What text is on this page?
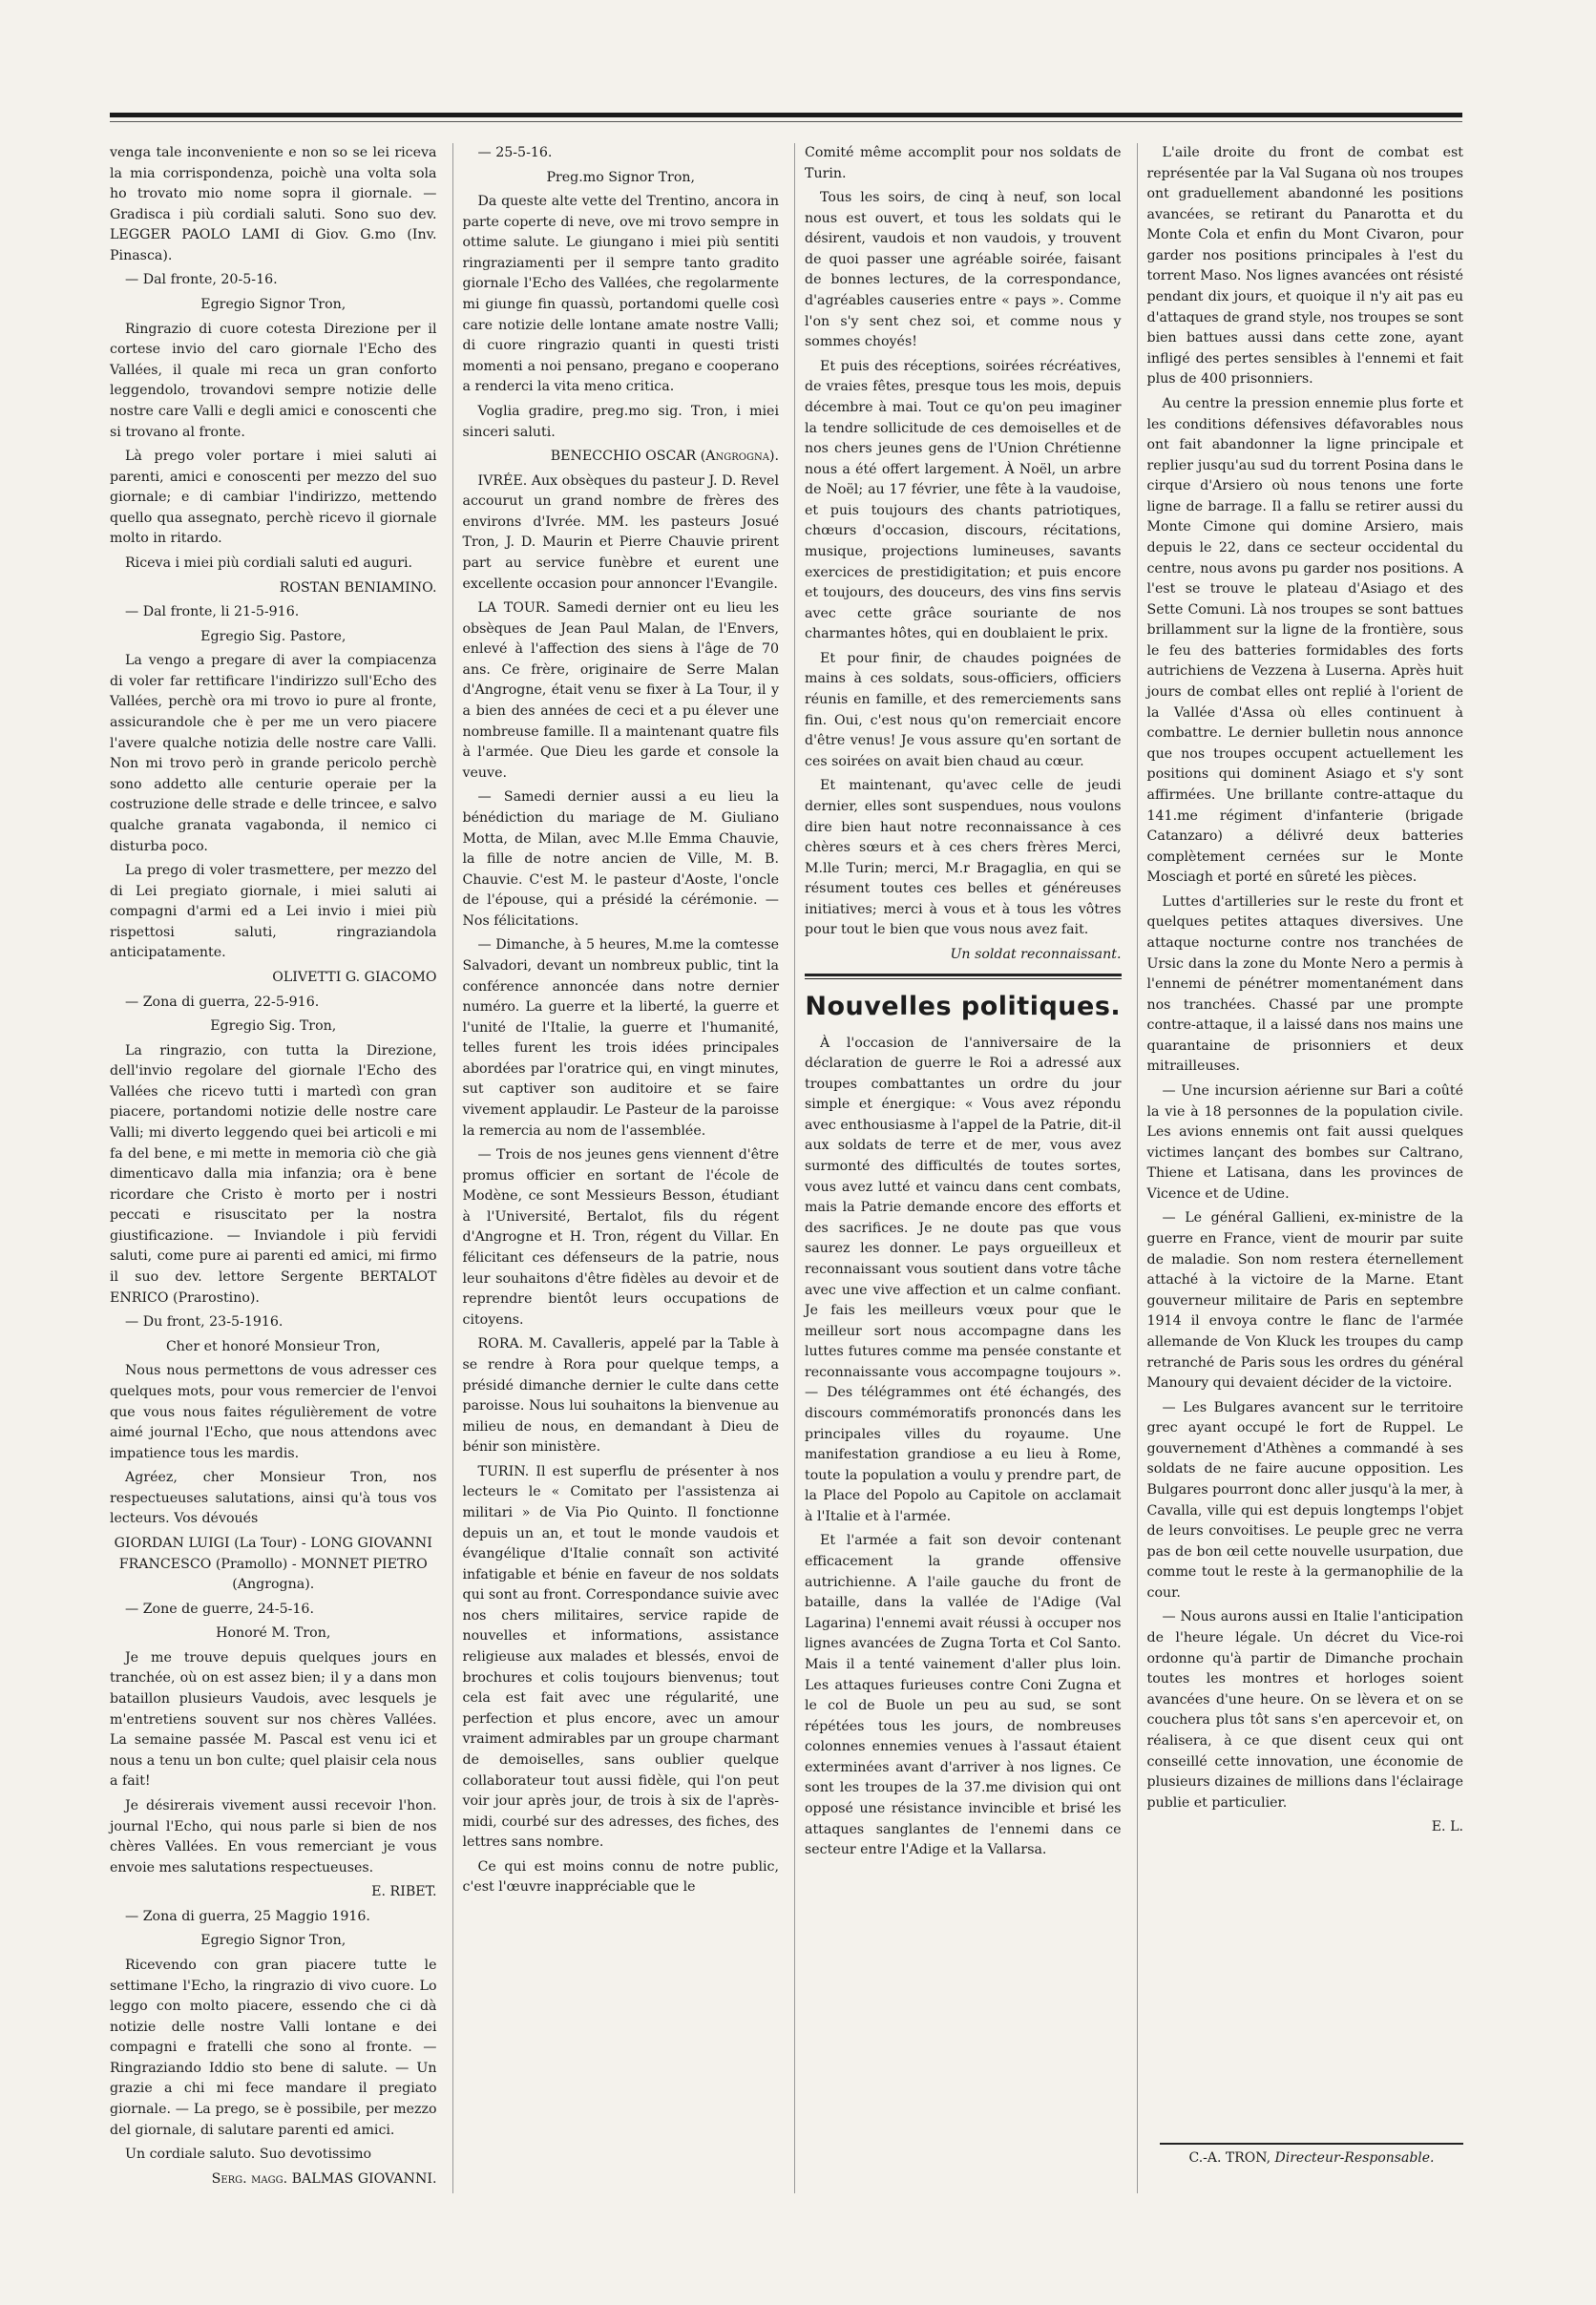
venga tale inconveniente e non so se lei riceva la mia corrispondenza, poichè una volta sola ho trovato mio nome sopra il giornale. — Gradisca i più cordiali saluti. Sono suo dev. LEGGER PAOLO LAMI di Giov. G.mo (Inv. Pinasca).

— Dal fronte, 20-5-16.

Egregio Signor Tron,

Ringrazio di cuore cotesta Direzione per il cortese invio del caro giornale l'Echo des Vallées, il quale mi reca un gran conforto leggendolo, trovandovi sempre notizie delle nostre care Valli e degli amici e conoscenti che si trovano al fronte.

Là prego voler portare i miei saluti ai parenti, amici e conoscenti per mezzo del suo giornale; e di cambiar l'indirizzo, mettendo quello qua assegnato, perchè ricevo il giornale molto in ritardo.

Riceva i miei più cordiali saluti ed auguri.

ROSTAN BENIAMINO.

— Dal fronte, li 21-5-916.

Egregio Sig. Pastore,

La vengo a pregare di aver la compiacenza di voler far rettificare l'indirizzo sull'Echo des Vallées, perchè ora mi trovo io pure al fronte, assicurandole che è per me un vero piacere l'avere qualche notizia delle nostre care Valli. Non mi trovo però in grande pericolo perchè sono addetto alle centurie operaie per la costruzione delle strade e delle trincee, e salvo qualche granata vagabonda, il nemico ci disturba poco.

La prego di voler trasmettere, per mezzo del di Lei pregiato giornale, i miei saluti ai compagni d'armi ed a Lei invio i miei più rispettosi saluti, ringraziandola anticipatamente.

OLIVETTI G. GIACOMO

— Zona di guerra, 22-5-916.

Egregio Sig. Tron,

La ringrazio, con tutta la Direzione, dell'invio regolare del giornale l'Echo des Vallées che ricevo tutti i martedì con gran piacere, portandomi notizie delle nostre care Valli; mi diverto leggendo quei bei articoli e mi fa del bene, e mi mette in memoria ciò che già dimenticavo dalla mia infanzia; ora è bene ricordare che Cristo è morto per i nostri peccati e risuscitato per la nostra giustificazione. — Inviandole i più fervidi saluti, come pure ai parenti ed amici, mi firmo il suo dev. lettore Sergente BERTALOT ENRICO (Prarostino).

— Du front, 23-5-1916.

Cher et honoré Monsieur Tron,

Nous nous permettons de vous adresser ces quelques mots, pour vous remercier de l'envoi que vous nous faites régulièrement de votre aimé journal l'Echo, que nous attendons avec impatience tous les mardis.

Agréez, cher Monsieur Tron, nos respectueuses salutations, ainsi qu'à tous vos lecteurs. Vos dévoués

GIORDAN LUIGI (La Tour) - LONG GIOVANNI FRANCESCO (Pramollo) - MONNET PIETRO (Angrogna).

— Zone de guerre, 24-5-16.

Honoré M. Tron,

Je me trouve depuis quelques jours en tranchée, où on est assez bien; il y a dans mon bataillon plusieurs Vaudois, avec lesquels je m'entretiens souvent sur nos chères Vallées. La semaine passée M. Pascal est venu ici et nous a tenu un bon culte; quel plaisir cela nous a fait!

Je désirerais vivement aussi recevoir l'hon. journal l'Echo, qui nous parle si bien de nos chères Vallées. En vous remerciant je vous envoie mes salutations respectueuses.

E. RIBET.

— Zona di guerra, 25 Maggio 1916.

Egregio Signor Tron,

Ricevendo con gran piacere tutte le settimane l'Echo, la ringrazio di vivo cuore. Lo leggo con molto piacere, essendo che ci dà notizie delle nostre Valli lontane e dei compagni e fratelli che sono al fronte. — Ringraziando Iddio sto bene di salute. — Un grazie a chi mi fece mandare il pregiato giornale. — La prego, se è possibile, per mezzo del giornale, di salutare parenti ed amici.

Un cordiale saluto. Suo devotissimo

Serg. magg. BALMAS GIOVANNI.

— 25-5-16.

Preg.mo Signor Tron,

Da queste alte vette del Trentino, ancora in parte coperte di neve, ove mi trovo sempre in ottime salute. Le giungano i miei più sentiti ringraziamenti per il sempre tanto gradito giornale l'Echo des Vallées, che regolarmente mi giunge fin quassù, portandomi quelle così care notizie delle lontane amate nostre Valli; di cuore ringrazio quanti in questi tristi momenti a noi pensano, pregano e cooperano a renderci la vita meno critica.

Voglia gradire, preg.mo sig. Tron, i miei sinceri saluti.

BENECCHIO OSCAR (Angrogna).

IVRÉE. Aux obsèques du pasteur J. D. Revel accourut un grand nombre de frères des environs d'Ivrée. MM. les pasteurs Josué Tron, J. D. Maurin et Pierre Chauvie prirent part au service funèbre et eurent une excellente occasion pour annoncer l'Evangile.

LA TOUR. Samedi dernier ont eu lieu les obsèques de Jean Paul Malan, de l'Envers, enlevé à l'affection des siens à l'âge de 70 ans. Ce frère, originaire de Serre Malan d'Angrogne, était venu se fixer à La Tour, il y a bien des années de ceci et a pu élever une nombreuse famille. Il a maintenant quatre fils à l'armée. Que Dieu les garde et console la veuve.

— Samedi dernier aussi a eu lieu la bénédiction du mariage de M. Giuliano Motta, de Milan, avec M.lle Emma Chauvie, la fille de notre ancien de Ville, M. B. Chauvie. C'est M. le pasteur d'Aoste, l'oncle de l'épouse, qui a présidé la cérémonie. — Nos félicitations.

— Dimanche, à 5 heures, M.me la comtesse Salvadori, devant un nombreux public, tint la conférence annoncée dans notre dernier numéro. La guerre et la liberté, la guerre et l'unité de l'Italie, la guerre et l'humanité, telles furent les trois idées principales abordées par l'oratrice qui, en vingt minutes, sut captiver son auditoire et se faire vivement applaudir. Le Pasteur de la paroisse la remercia au nom de l'assemblée.

— Trois de nos jeunes gens viennent d'être promus officier en sortant de l'école de Modène, ce sont Messieurs Besson, étudiant à l'Université, Bertalot, fils du régent d'Angrogne et H. Tron, régent du Villar. En félicitant ces défenseurs de la patrie, nous leur souhaitons d'être fidèles au devoir et de reprendre bientôt leurs occupations de citoyens.

RORA. M. Cavalleris, appelé par la Table à se rendre à Rora pour quelque temps, a présidé dimanche dernier le culte dans cette paroisse. Nous lui souhaitons la bienvenue au milieu de nous, en demandant à Dieu de bénir son ministère.

TURIN. Il est superflu de présenter à nos lecteurs le « Comitato per l'assistenza ai militari » de Via Pio Quinto. Il fonctionne depuis un an, et tout le monde vaudois et évangélique d'Italie connaît son activité infatigable et bénie en faveur de nos soldats qui sont au front. Correspondance suivie avec nos chers militaires, service rapide de nouvelles et informations, assistance religieuse aux malades et blessés, envoi de brochures et colis toujours bienvenus; tout cela est fait avec une régularité, une perfection et plus encore, avec un amour vraiment admirables par un groupe charmant de demoiselles, sans oublier quelque collaborateur tout aussi fidèle, qui l'on peut voir jour après jour, de trois à six de l'après-midi, courbé sur des adresses, des fiches, des lettres sans nombre.

Ce qui est moins connu de notre public, c'est l'œuvre inappréciable que le

Comité même accomplit pour nos soldats de Turin.

Tous les soirs, de cinq à neuf, son local nous est ouvert, et tous les soldats qui le désirent, vaudois et non vaudois, y trouvent de quoi passer une agréable soirée, faisant de bonnes lectures, de la correspondance, d'agréables causeries entre « pays ». Comme l'on s'y sent chez soi, et comme nous y sommes choyés!

Et puis des réceptions, soirées récréatives, de vraies fêtes, presque tous les mois, depuis décembre à mai. Tout ce qu'on peu imaginer la tendre sollicitude de ces demoiselles et de nos chers jeunes gens de l'Union Chrétienne nous a été offert largement. À Noël, un arbre de Noël; au 17 février, une fête à la vaudoise, et puis toujours des chants patriotiques, chœurs d'occasion, discours, récitations, musique, projections lumineuses, savants exercices de prestidigitation; et puis encore et toujours, des douceurs, des vins fins servis avec cette grâce souriante de nos charmantes hôtes, qui en doublaient le prix.

Et pour finir, de chaudes poignées de mains à ces soldats, sous-officiers, officiers réunis en famille, et des remerciements sans fin. Oui, c'est nous qu'on remerciait encore d'être venus! Je vous assure qu'en sortant de ces soirées on avait bien chaud au cœur.

Et maintenant, qu'avec celle de jeudi dernier, elles sont suspendues, nous voulons dire bien haut notre reconnaissance à ces chères sœurs et à ces chers frères Merci, M.lle Turin; merci, M.r Bragaglia, en qui se résument toutes ces belles et généreuses initiatives; merci à vous et à tous les vôtres pour tout le bien que vous nous avez fait.

Un soldat reconnaissant.

Nouvelles politiques.

À l'occasion de l'anniversaire de la déclaration de guerre le Roi a adressé aux troupes combattantes un ordre du jour simple et énergique: « Vous avez répondu avec enthousiasme à l'appel de la Patrie, dit-il aux soldats de terre et de mer, vous avez surmonté des difficultés de toutes sortes, vous avez lutté et vaincu dans cent combats, mais la Patrie demande encore des efforts et des sacrifices. Je ne doute pas que vous saurez les donner. Le pays orgueilleux et reconnaissant vous soutient dans votre tâche avec une vive affection et un calme confiant. Je fais les meilleurs vœux pour que le meilleur sort nous accompagne dans les luttes futures comme ma pensée constante et reconnaissante vous accompagne toujours ». — Des télégrammes ont été échangés, des discours commémoratifs prononcés dans les principales villes du royaume. Une manifestation grandiose a eu lieu à Rome, toute la population a voulu y prendre part, de la Place del Popolo au Capitole on acclamait à l'Italie et à l'armée.

Et l'armée a fait son devoir contenant efficacement la grande offensive autrichienne. A l'aile gauche du front de bataille, dans la vallée de l'Adige (Val Lagarina) l'ennemi avait réussi à occuper nos lignes avancées de Zugna Torta et Col Santo. Mais il a tenté vainement d'aller plus loin. Les attaques furieuses contre Coni Zugna et le col de Buole un peu au sud, se sont répétées tous les jours, de nombreuses colonnes ennemies venues à l'assaut étaient exterminées avant d'arriver à nos lignes. Ce sont les troupes de la 37.me division qui ont opposé une résistance invincible et brisé les attaques sanglantes de l'ennemi dans ce secteur entre l'Adige et la Vallarsa.

L'aile droite du front de combat est représentée par la Val Sugana où nos troupes ont graduellement abandonné les positions avancées, se retirant du Panarotta et du Monte Cola et enfin du Mont Civaron, pour garder nos positions principales à l'est du torrent Maso. Nos lignes avancées ont résisté pendant dix jours, et quoique il n'y ait pas eu d'attaques de grand style, nos troupes se sont bien battues aussi dans cette zone, ayant infligé des pertes sensibles à l'ennemi et fait plus de 400 prisonniers.

Au centre la pression ennemie plus forte et les conditions défensives défavorables nous ont fait abandonner la ligne principale et replier jusqu'au sud du torrent Posina dans le cirque d'Arsiero où nous tenons une forte ligne de barrage. Il a fallu se retirer aussi du Monte Cimone qui domine Arsiero, mais depuis le 22, dans ce secteur occidental du centre, nous avons pu garder nos positions. A l'est se trouve le plateau d'Asiago et des Sette Comuni. Là nos troupes se sont battues brillamment sur la ligne de la frontière, sous le feu des batteries formidables des forts autrichiens de Vezzena à Luserna. Après huit jours de combat elles ont replié à l'orient de la Vallée d'Assa où elles continuent à combattre. Le dernier bulletin nous annonce que nos troupes occupent actuellement les positions qui dominent Asiago et s'y sont affirmées. Une brillante contre-attaque du 141.me régiment d'infanterie (brigade Catanzaro) a délivré deux batteries complètement cernées sur le Monte Mosciagh et porté en sûreté les pièces.

Luttes d'artilleries sur le reste du front et quelques petites attaques diversives. Une attaque nocturne contre nos tranchées de Ursic dans la zone du Monte Nero a permis à l'ennemi de pénétrer momentanément dans nos tranchées. Chassé par une prompte contre-attaque, il a laissé dans nos mains une quarantaine de prisonniers et deux mitrailleuses.

— Une incursion aérienne sur Bari a coûté la vie à 18 personnes de la population civile. Les avions ennemis ont fait aussi quelques victimes lançant des bombes sur Caltrano, Thiene et Latisana, dans les provinces de Vicence et de Udine.

— Le général Gallieni, ex-ministre de la guerre en France, vient de mourir par suite de maladie. Son nom restera éternellement attaché à la victoire de la Marne. Etant gouverneur militaire de Paris en septembre 1914 il envoya contre le flanc de l'armée allemande de Von Kluck les troupes du camp retranché de Paris sous les ordres du général Manoury qui devaient décider de la victoire.

— Les Bulgares avancent sur le territoire grec ayant occupé le fort de Ruppel. Le gouvernement d'Athènes a commandé à ses soldats de ne faire aucune opposition. Les Bulgares pourront donc aller jusqu'à la mer, à Cavalla, ville qui est depuis longtemps l'objet de leurs convoitises. Le peuple grec ne verra pas de bon œil cette nouvelle usurpation, due comme tout le reste à la germanophilie de la cour.

— Nous aurons aussi en Italie l'anticipation de l'heure légale. Un décret du Vice-roi ordonne qu'à partir de Dimanche prochain toutes les montres et horloges soient avancées d'une heure. On se lèvera et on se couchera plus tôt sans s'en apercevoir et, on réalisera, à ce que disent ceux qui ont conseillé cette innovation, une économie de plusieurs dizaines de millions dans l'éclairage publie et particulier.

E. L.

C.-A. TRON, Directeur-Responsable.
